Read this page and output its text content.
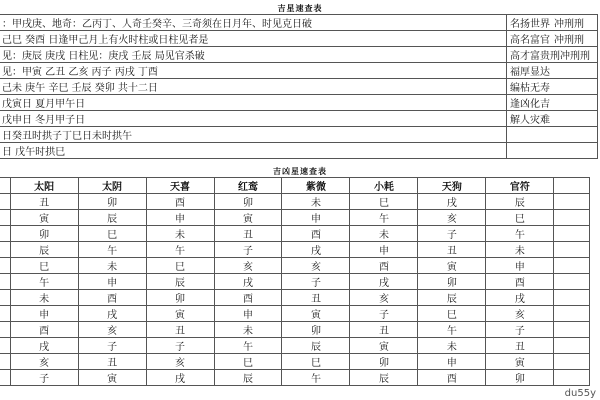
吉星速查表
：甲戌庚、地奇：乙丙丁、人奇壬癸辛、三奇须在日月年、时见克日破	名扬世界 冲刑刑
己巳 癸酉 日逢甲己月上有火时柱或日柱见者是	高名富官 冲刑刑
见：庚辰 庚戌 日柱见：庚戌 壬辰 局见官杀破	高才富贵刑冲刑刑
见：甲寅 乙丑 乙亥 丙子 丙戌 丁酉	福厚显达
己未 庚午 辛巳 壬辰 癸卯 共十二日	编枯无寿
戊寅日 夏月甲午日	逢凶化吉
戊申日 冬月甲子日	解人灾难
日癸丑时拱子丁巳日未时拱午	
日 戊午时拱巳	
吉凶星速查表
	太阳	太阴	天喜	红鸾	紫微	小耗	天狗	官符	
	丑	卯	酉	卯	未	巳	戌	辰	
	寅	辰	申	寅	申	午	亥	巳	
	卯	巳	未	丑	酉	未	子	午	
	辰	午	午	子	戌	申	丑	未	
	巳	未	巳	亥	亥	酉	寅	申	
	午	申	辰	戌	子	戌	卯	酉	
	未	酉	卯	酉	丑	亥	辰	戌	
	申	戌	寅	申	寅	子	巳	亥	
	酉	亥	丑	未	卯	丑	午	子	
	戌	子	子	午	辰	寅	未	丑	
	亥	丑	亥	巳	巳	卯	申	寅	
	子	寅	戌	辰	午	辰	酉	卯	
du55y
